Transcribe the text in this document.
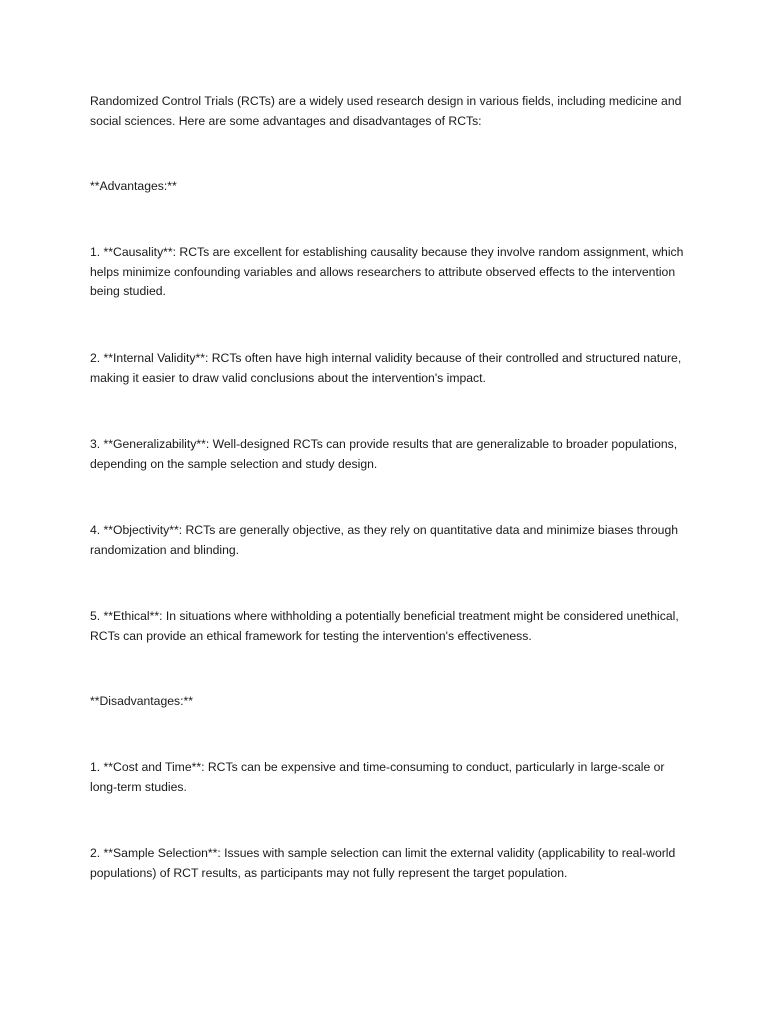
Randomized Control Trials (RCTs) are a widely used research design in various fields, including medicine and social sciences. Here are some advantages and disadvantages of RCTs:

**Advantages:**

1. **Causality**: RCTs are excellent for establishing causality because they involve random assignment, which helps minimize confounding variables and allows researchers to attribute observed effects to the intervention being studied.

2. **Internal Validity**: RCTs often have high internal validity because of their controlled and structured nature, making it easier to draw valid conclusions about the intervention's impact.

3. **Generalizability**: Well-designed RCTs can provide results that are generalizable to broader populations, depending on the sample selection and study design.

4. **Objectivity**: RCTs are generally objective, as they rely on quantitative data and minimize biases through randomization and blinding.

5. **Ethical**: In situations where withholding a potentially beneficial treatment might be considered unethical, RCTs can provide an ethical framework for testing the intervention's effectiveness.

**Disadvantages:**

1. **Cost and Time**: RCTs can be expensive and time-consuming to conduct, particularly in large-scale or long-term studies.

2. **Sample Selection**: Issues with sample selection can limit the external validity (applicability to real-world populations) of RCT results, as participants may not fully represent the target population.
